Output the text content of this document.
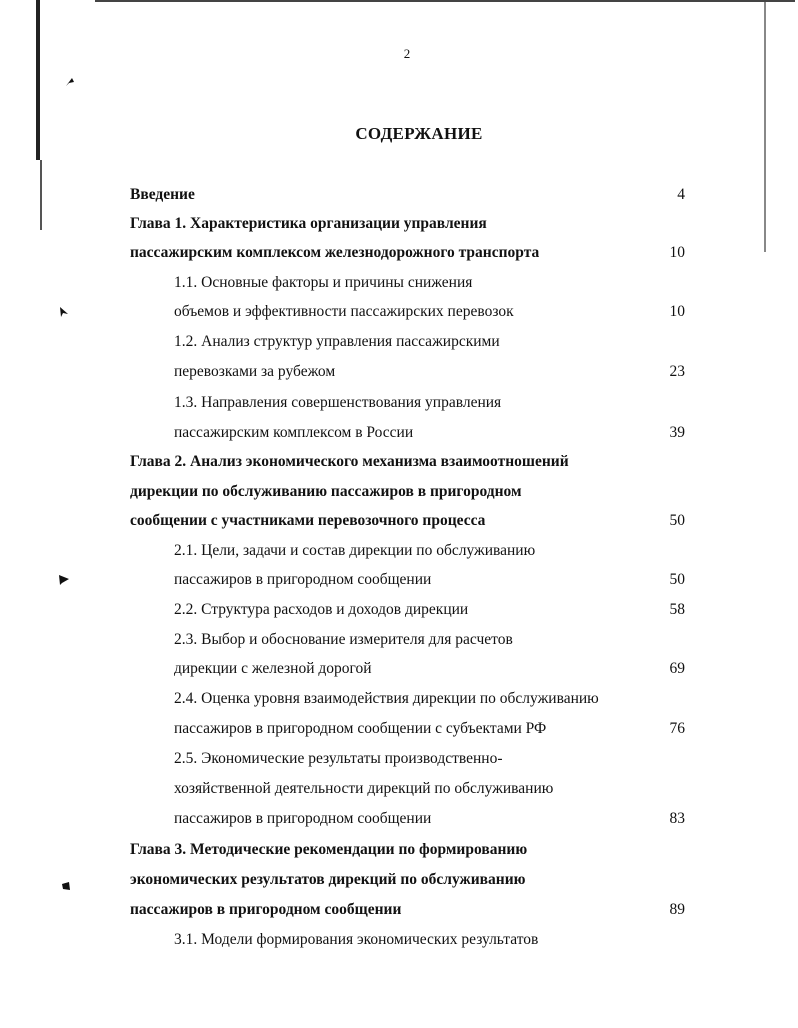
2
СОДЕРЖАНИЕ
Введение	4
Глава 1. Характеристика организации управления
пассажирским комплексом железнодорожного транспорта	10
1.1. Основные факторы и причины снижения
объемов и эффективности пассажирских перевозок	10
1.2. Анализ структур управления пассажирскими
перевозками за рубежом	23
1.3. Направления совершенствования управления
пассажирским комплексом в России	39
Глава 2. Анализ экономического механизма взаимоотношений
дирекции по обслуживанию пассажиров в пригородном
сообщении с участниками перевозочного процесса	50
2.1. Цели, задачи и состав дирекции по обслуживанию
пассажиров в пригородном сообщении	50
2.2. Структура расходов и доходов дирекции	58
2.3. Выбор и обоснование измерителя для расчетов
дирекции с железной дорогой	69
2.4. Оценка уровня взаимодействия дирекции по обслуживанию
пассажиров в пригородном сообщении с субъектами РФ	76
2.5. Экономические результаты производственно-
хозяйственной деятельности дирекций по обслуживанию
пассажиров в пригородном сообщении	83
Глава 3. Методические рекомендации по формированию
экономических результатов дирекций по обслуживанию
пассажиров в пригородном сообщении	89
3.1. Модели формирования экономических результатов
